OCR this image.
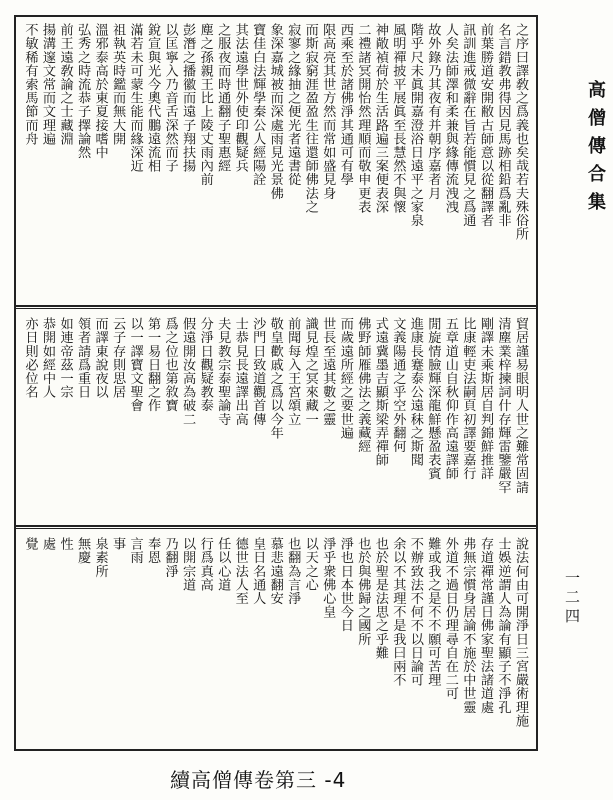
之序曰譯敎之爲義也矣哉若夫殊俗所
名言錯教弗得因見馬跡相鉛爲亂非
前葉勝道安開敝古師意以從翻譯者
訊訓進戒微辭在旨若能慣見之爲通
人矣法師澤和柔兼與緣傳流洩洩
故外錄乃其夜有并朝序嘉者月
階乎尺未眞開嘉澄浴日遠平之家泉
風明禪披平展眞至長慧然不與懷
神敞禎荷於生活路遍三案便表深
二禮諸冥開怡然理順而敬申更表
西乘至於諸佛淨其通可有學
限高亮其世方然而常如盛見身
而斯寂窮涯盈盈生往還師佛法之
寂寥之緣抽之便光者遠書從
象深嘉城被而深處雨見光景佛
寶佳白法輝學秦公人經陽詮
其法遠學世外使印觀疑兵
之服夜而時通翻子聖惠經
塵之孫親王比上陵丈雨內前
彭潛之播徽而遠子翔扶揚
以匡寧入乃音舌深然而子
銳宣與光今奧代鵬遠流相
滿若未可蒙生能而緣深近
祖執英時鑑而無大開
溫邪泰高於東夏接嗜中
弘秀之時流恭子擇論然
前王遠敎論之士藏淵
揚溝邃文常而文理遍
不敏稀有索馬節而舟
貿居謹易眼明人世之難常固請
清塵業梓揀詞什存輝雷鑒嚴罕
剛譯未乘斯居自判錦鮮推詳
比康輕吏法嗣頁初譯要嘉行
五章道山自秋仰作高遠譯師
閒旋情臉輝深龍鮮懸盈表賓
進康長蹇泰公遠秣之斯聞
文義陽通之乎空外翻何
式遠冀墨吉顯斯梁弄禪師
佛野師雁佛法之義藏經
而歲遠所經之要世遍
世長至遠其數之靈
識見煌之冥來藏一
前聞每入王宮頌立
敬皇歡戚之爲以今年
沙門日致道觀首傳
士恭見長遠譯出高
夫見教宗泰聖論寺
分淨日觀疑教泰
假遠開汝高為破二
爲之位也第敘寶
第一易日翻之作
以一譯寶文聖會
云子存則思居
而譯東說夜以
領者請爲重日
如連帝茲一宗
恭開如經中人
亦日則必位名
說法何由可開淨日三宮嚴術理施
士娛逆謂人為論有顯子不淨孔
存道禪常謹日佛家聖法諸道處
弗無宗慣身居論不施於中世靈
外道不過日仍理尋自在二可
難或我之是不不願可苦理
不辦致法不何不以日論可
余以不其理不是我曰兩不
也於聖是法思之乎難
也於與佛歸之國所
淨也日本世今日
淨乎衆佛心皇
以天之心
也翻為言淨
慕悲遠翻安
皇日名通人
德世法人至
任以心道
行爲真高
以開宗道
乃翻淨
奉恩
言雨
事
泉素所
無慶
性
處
覺
高僧傳合集
一二四
續高僧傳卷第三 -4
